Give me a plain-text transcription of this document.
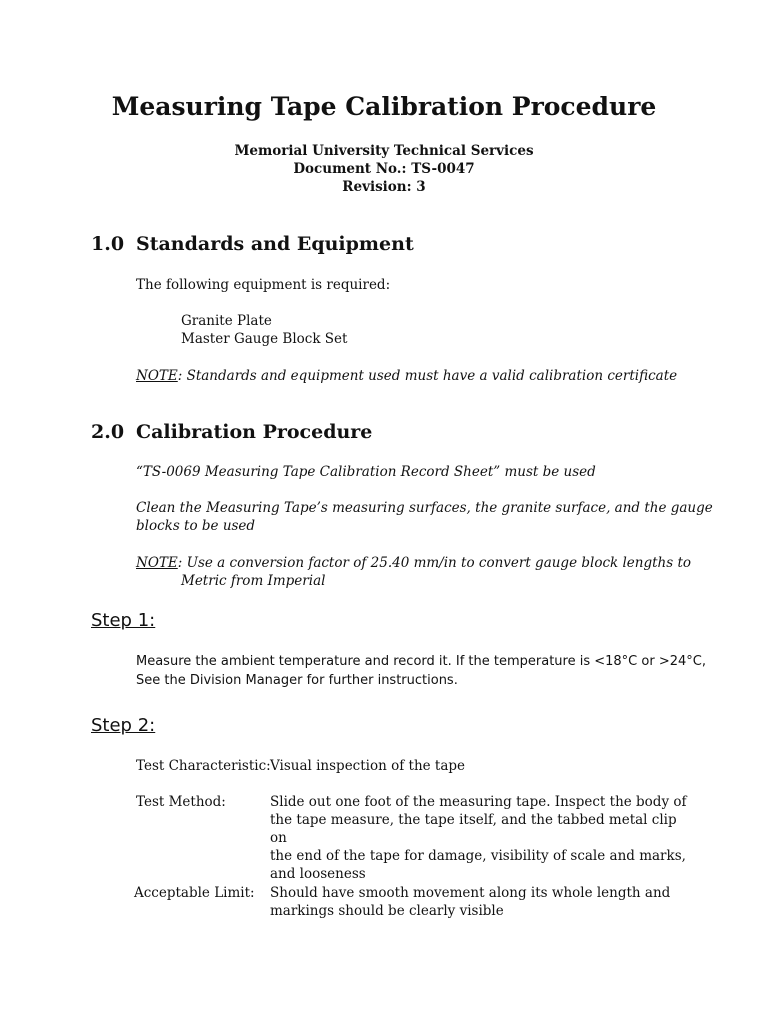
Measuring Tape Calibration Procedure
Memorial University Technical Services
Document No.: TS-0047
Revision: 3
1.0 Standards and Equipment
The following equipment is required:
Granite Plate
Master Gauge Block Set
NOTE: Standards and equipment used must have a valid calibration certificate
2.0 Calibration Procedure
“TS-0069 Measuring Tape Calibration Record Sheet” must be used
Clean the Measuring Tape’s measuring surfaces, the granite surface, and the gauge
blocks to be used
NOTE: Use a conversion factor of 25.40 mm/in to convert gauge block lengths to
Metric from Imperial
Step 1:
Measure the ambient temperature and record it. If the temperature is <18°C or >24°C,
See the Division Manager for further instructions.
Step 2:
Test Characteristic: Visual inspection of the tape
Test Method:	Slide out one foot of the measuring tape. Inspect the body of
the tape measure, the tape itself, and the tabbed metal clip on
the end of the tape for damage, visibility of scale and marks,
and looseness
Acceptable Limit: Should have smooth movement along its whole length and
markings should be clearly visible
